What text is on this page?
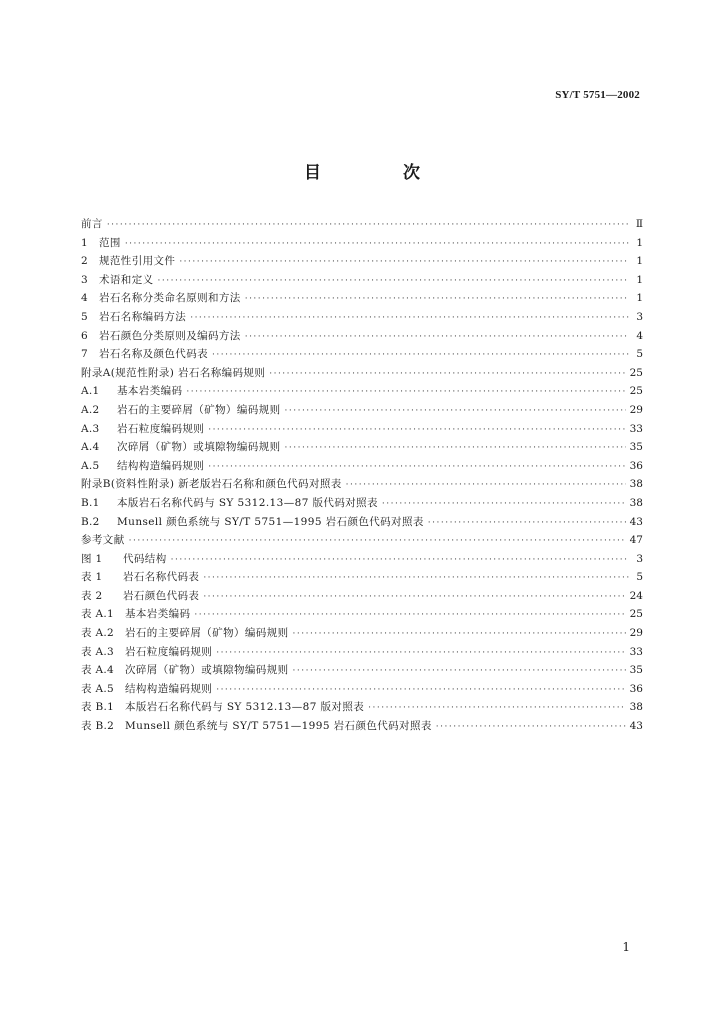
SY/T 5751—2002
目 次
前言 ·····	Ⅱ
1	范围 ·····	1
2	规范性引用文件 ·····	1
3	术语和定义 ·····	1
4	岩石名称分类命名原则和方法 ·····	1
5	岩石名称编码方法 ·····	3
6	岩石颜色分类原则及编码方法 ·····	4
7	岩石名称及颜色代码表 ·····	5
附录A(规范性附录) 岩石名称编码规则 ·····	25
A.1	基本岩类编码 ·····	25
A.2	岩石的主要碎屑（矿物）编码规则 ·····	29
A.3	岩石粒度编码规则 ·····	33
A.4	次碎屑（矿物）或填隙物编码规则 ·····	35
A.5	结构构造编码规则 ·····	36
附录B(资料性附录) 新老版岩石名称和颜色代码对照表 ·····	38
B.1	本版岩石名称代码与 SY 5312.13—87 版代码对照表 ·····	38
B.2	Munsell 颜色系统与 SY/T 5751—1995 岩石颜色代码对照表 ·····	43
参考文献 ·····	47
图 1	代码结构 ·····	3
表 1	岩石名称代码表 ·····	5
表 2	岩石颜色代码表 ·····	24
表 A.1	基本岩类编码 ·····	25
表 A.2	岩石的主要碎屑（矿物）编码规则 ·····	29
表 A.3	岩石粒度编码规则 ·····	33
表 A.4	次碎屑（矿物）或填隙物编码规则 ·····	35
表 A.5	结构构造编码规则 ·····	36
表 B.1	本版岩石名称代码与 SY 5312.13—87 版对照表 ·····	38
表 B.2	Munsell 颜色系统与 SY/T 5751—1995 岩石颜色代码对照表 ·····	43
1
